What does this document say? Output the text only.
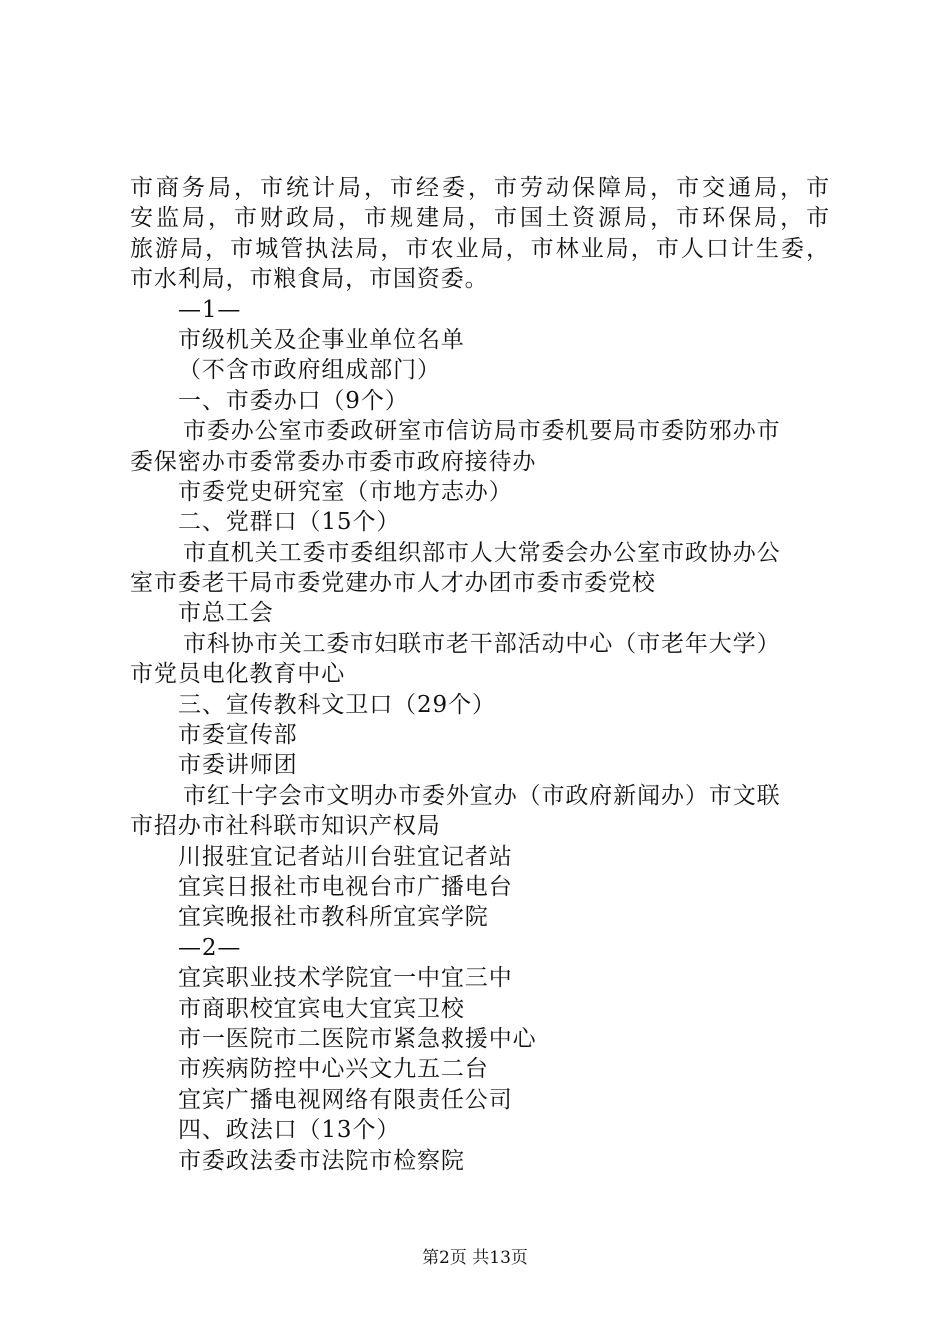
市商务局，市统计局，市经委，市劳动保障局，市交通局，市
安监局，市财政局，市规建局，市国土资源局，市环保局，市
旅游局，市城管执法局，市农业局，市林业局，市人口计生委，
市水利局，市粮食局，市国资委。
—1—
市级机关及企事业单位名单
（不含市政府组成部门）
一、市委办口（9个）
市委办公室市委政研室市信访局市委机要局市委防邪办市
委保密办市委常委办市委市政府接待办
市委党史研究室（市地方志办）
二、党群口（15个）
市直机关工委市委组织部市人大常委会办公室市政协办公
室市委老干局市委党建办市人才办团市委市委党校
市总工会
市科协市关工委市妇联市老干部活动中心（市老年大学）
市党员电化教育中心
三、宣传教科文卫口（29个）
市委宣传部
市委讲师团
市红十字会市文明办市委外宣办（市政府新闻办）市文联
市招办市社科联市知识产权局
川报驻宜记者站川台驻宜记者站
宜宾日报社市电视台市广播电台
宜宾晚报社市教科所宜宾学院
—2—
宜宾职业技术学院宜一中宜三中
市商职校宜宾电大宜宾卫校
市一医院市二医院市紧急救援中心
市疾病防控中心兴文九五二台
宜宾广播电视网络有限责任公司
四、政法口（13个）
市委政法委市法院市检察院
第2页 共13页
